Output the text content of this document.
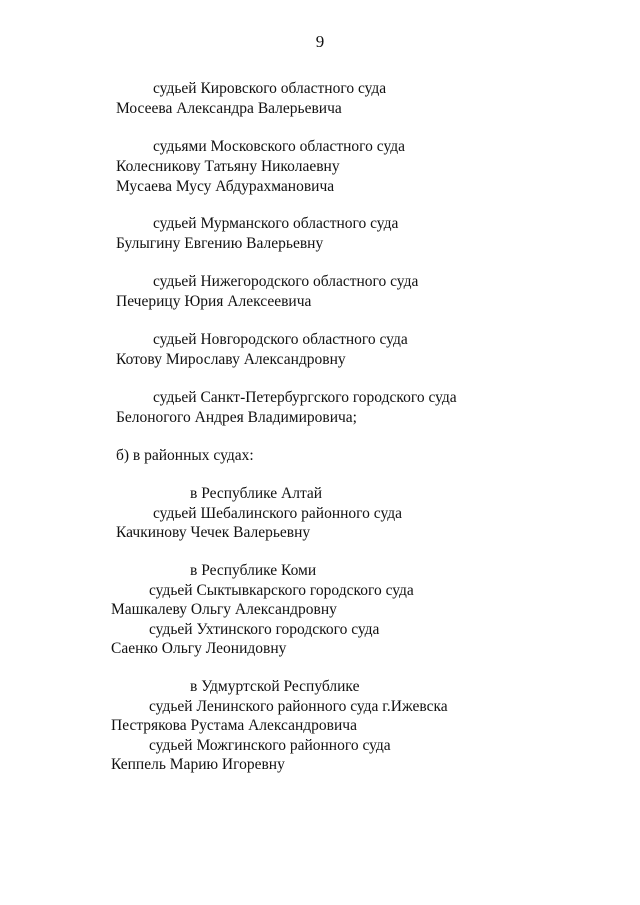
9
судьей Кировского областного суда
Мосеева Александра Валерьевича
судьями Московского областного суда
Колесникову Татьяну Николаевну
Мусаева Мусу Абдурахмановича
судьей Мурманского областного суда
Булыгину Евгению Валерьевну
судьей Нижегородского областного суда
Печерицу Юрия Алексеевича
судьей Новгородского областного суда
Котову Мирославу Александровну
судьей Санкт-Петербургского городского суда
Белоногого Андрея Владимировича;
б) в районных судах:
в Республике Алтай
судьей Шебалинского районного суда
Качкинову Чечек Валерьевну
в Республике Коми
судьей Сыктывкарского городского суда
Машкалеву Ольгу Александровну
судьей Ухтинского городского суда
Саенко Ольгу Леонидовну
в Удмуртской Республике
судьей Ленинского районного суда г.Ижевска
Пестрякова Рустама Александровича
судьей Можгинского районного суда
Кеппель Марию Игоревну
